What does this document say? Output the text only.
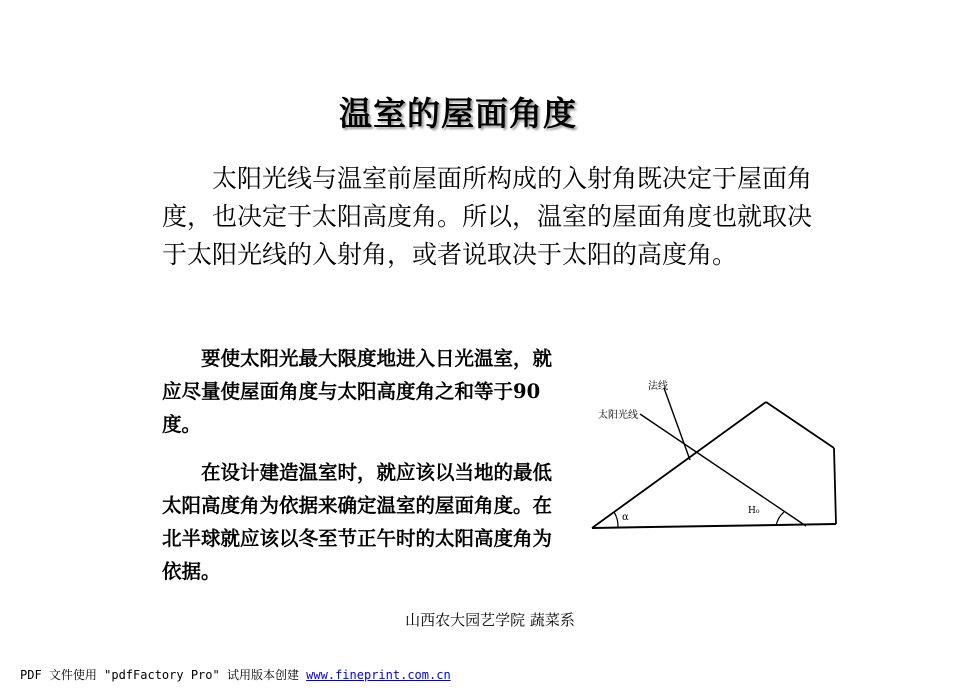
温室的屋面角度
太阳光线与温室前屋面所构成的入射角既决定于屋面角度，也决定于太阳高度角。所以，温室的屋面角度也就取决于太阳光线的入射角，或者说取决于太阳的高度角。
要使太阳光最大限度地进入日光温室，就应尽量使屋面角度与太阳高度角之和等于90度。
在设计建造温室时，就应该以当地的最低太阳高度角为依据来确定温室的屋面角度。在北半球就应该以冬至节正午时的太阳高度角为依据。
法线
太阳光线
α
H₀
山西农大园艺学院 蔬菜系
PDF 文件使用 "pdfFactory Pro" 试用版本创建 www.fineprint.com.cn
